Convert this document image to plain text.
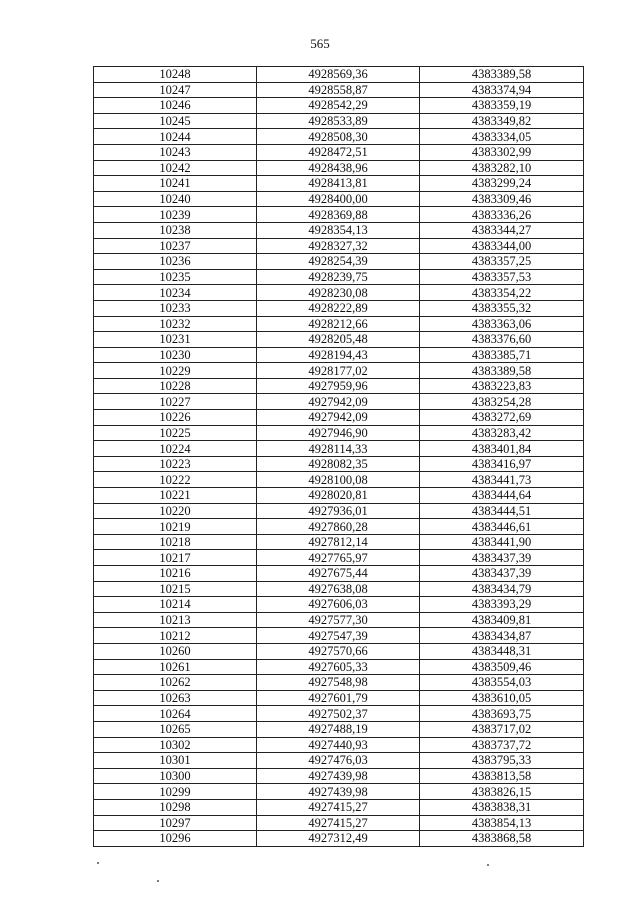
565
10248	4928569,36	4383389,58
10247	4928558,87	4383374,94
10246	4928542,29	4383359,19
10245	4928533,89	4383349,82
10244	4928508,30	4383334,05
10243	4928472,51	4383302,99
10242	4928438,96	4383282,10
10241	4928413,81	4383299,24
10240	4928400,00	4383309,46
10239	4928369,88	4383336,26
10238	4928354,13	4383344,27
10237	4928327,32	4383344,00
10236	4928254,39	4383357,25
10235	4928239,75	4383357,53
10234	4928230,08	4383354,22
10233	4928222,89	4383355,32
10232	4928212,66	4383363,06
10231	4928205,48	4383376,60
10230	4928194,43	4383385,71
10229	4928177,02	4383389,58
10228	4927959,96	4383223,83
10227	4927942,09	4383254,28
10226	4927942,09	4383272,69
10225	4927946,90	4383283,42
10224	4928114,33	4383401,84
10223	4928082,35	4383416,97
10222	4928100,08	4383441,73
10221	4928020,81	4383444,64
10220	4927936,01	4383444,51
10219	4927860,28	4383446,61
10218	4927812,14	4383441,90
10217	4927765,97	4383437,39
10216	4927675,44	4383437,39
10215	4927638,08	4383434,79
10214	4927606,03	4383393,29
10213	4927577,30	4383409,81
10212	4927547,39	4383434,87
10260	4927570,66	4383448,31
10261	4927605,33	4383509,46
10262	4927548,98	4383554,03
10263	4927601,79	4383610,05
10264	4927502,37	4383693,75
10265	4927488,19	4383717,02
10302	4927440,93	4383737,72
10301	4927476,03	4383795,33
10300	4927439,98	4383813,58
10299	4927439,98	4383826,15
10298	4927415,27	4383838,31
10297	4927415,27	4383854,13
10296	4927312,49	4383868,58
